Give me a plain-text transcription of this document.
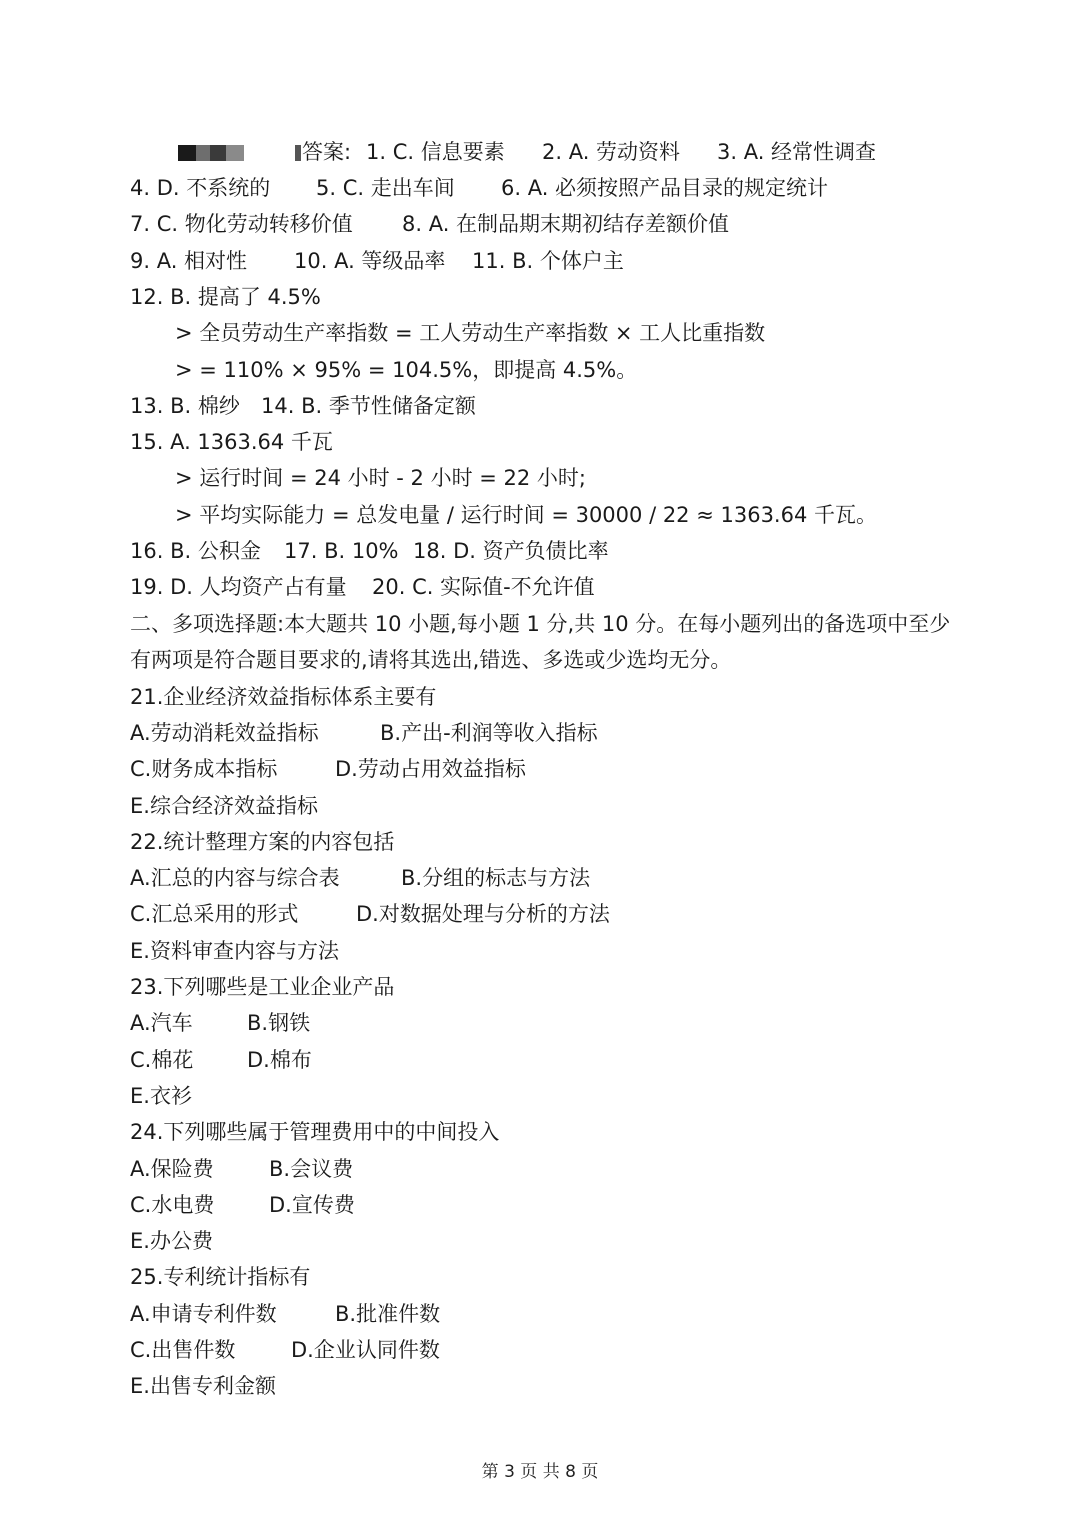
答案: 1. C. 信息要素 2. A. 劳动资料 3. A. 经常性调查
4. D. 不系统的 5. C. 走出车间 6. A. 必须按照产品目录的规定统计
7. C. 物化劳动转移价值 8. A. 在制品期末期初结存差额价值
9. A. 相对性 10. A. 等级品率 11. B. 个体户主
12. B. 提高了 4.5%
> 全员劳动生产率指数 = 工人劳动生产率指数 × 工人比重指数
> = 110% × 95% = 104.5%，即提高 4.5%。
13. B. 棉纱 14. B. 季节性储备定额
15. A. 1363.64 千瓦
> 运行时间 = 24 小时 - 2 小时 = 22 小时;
> 平均实际能力 = 总发电量 / 运行时间 = 30000 / 22 ≈ 1363.64 千瓦。
16. B. 公积金 17. B. 10% 18. D. 资产负债比率
19. D. 人均资产占有量 20. C. 实际值-不允许值
二、多项选择题:本大题共 10 小题,每小题 1 分,共 10 分。在每小题列出的备选项中至少
有两项是符合题目要求的,请将其选出,错选、多选或少选均无分。
21.企业经济效益指标体系主要有
A.劳动消耗效益指标	B.产出-利润等收入指标
C.财务成本指标	D.劳动占用效益指标
E.综合经济效益指标
22.统计整理方案的内容包括
A.汇总的内容与综合表	B.分组的标志与方法
C.汇总采用的形式	D.对数据处理与分析的方法
E.资料审查内容与方法
23.下列哪些是工业企业产品
A.汽车	B.钢铁
C.棉花	D.棉布
E.衣衫
24.下列哪些属于管理费用中的中间投入
A.保险费	B.会议费
C.水电费	D.宣传费
E.办公费
25.专利统计指标有
A.申请专利件数	B.批准件数
C.出售件数	D.企业认同件数
E.出售专利金额
第 3 页 共 8 页
